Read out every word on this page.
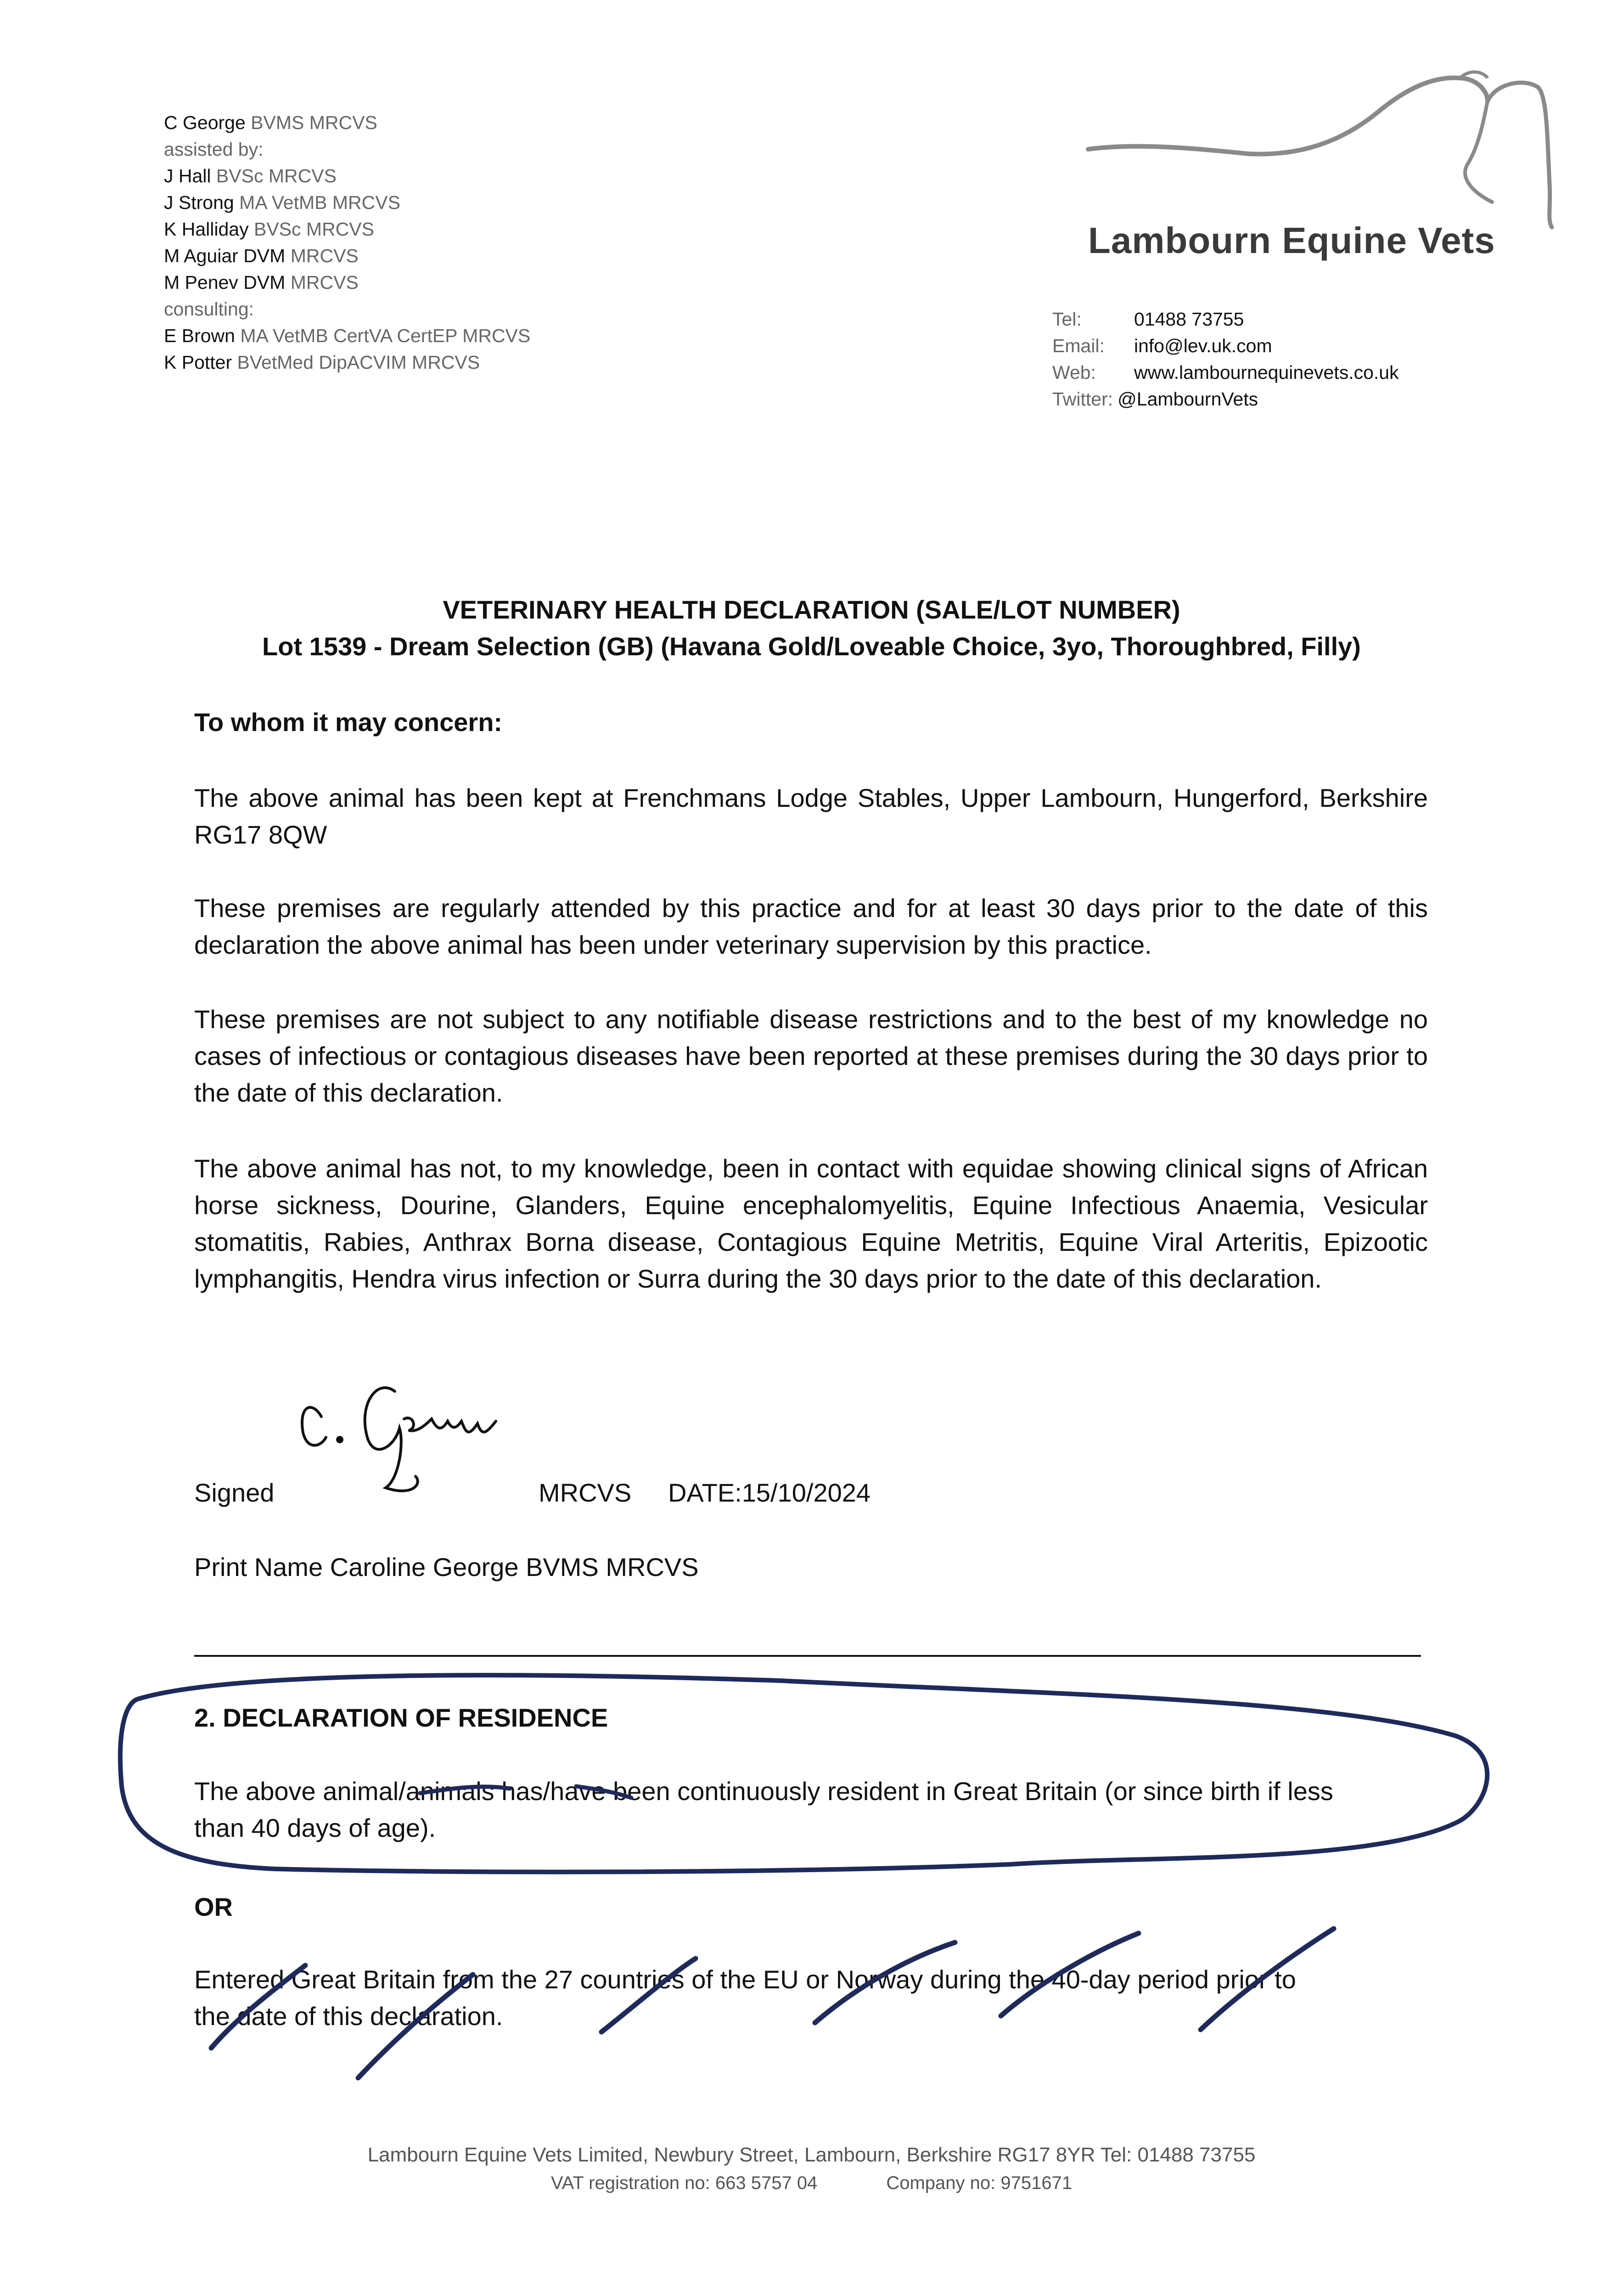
C George BVMS MRCVS
assisted by:
J Hall BVSc MRCVS
J Strong MA VetMB MRCVS
K Halliday BVSc MRCVS
M Aguiar DVM MRCVS
M Penev DVM MRCVS
consulting:
E Brown MA VetMB CertVA CertEP MRCVS
K Potter BVetMed DipACVIM MRCVS
Lambourn Equine Vets
Tel:	01488 73755
Email:	info@lev.uk.com
Web:	www.lambournequinevets.co.uk
Twitter: @LambournVets
VETERINARY HEALTH DECLARATION (SALE/LOT NUMBER)
Lot 1539 - Dream Selection (GB) (Havana Gold/Loveable Choice, 3yo, Thoroughbred, Filly)
To whom it may concern:
The above animal has been kept at Frenchmans Lodge Stables, Upper Lambourn, Hungerford, Berkshire RG17 8QW
These premises are regularly attended by this practice and for at least 30 days prior to the date of this declaration the above animal has been under veterinary supervision by this practice.
These premises are not subject to any notifiable disease restrictions and to the best of my knowledge no cases of infectious or contagious diseases have been reported at these premises during the 30 days prior to the date of this declaration.
The above animal has not, to my knowledge, been in contact with equidae showing clinical signs of African horse sickness, Dourine, Glanders, Equine encephalomyelitis, Equine Infectious Anaemia, Vesicular stomatitis, Rabies, Anthrax Borna disease, Contagious Equine Metritis, Equine Viral Arteritis, Epizootic lymphangitis, Hendra virus infection or Surra during the 30 days prior to the date of this declaration.
Signed	MRCVS DATE:15/10/2024
Print Name Caroline George BVMS MRCVS
2. DECLARATION OF RESIDENCE
The above animal/animals has/have been continuously resident in Great Britain (or since birth if less
than 40 days of age).
OR
Entered Great Britain from the 27 countries of the EU or Norway during the 40-day period prior to
the date of this declaration.
Lambourn Equine Vets Limited, Newbury Street, Lambourn, Berkshire RG17 8YR Tel: 01488 73755
VAT registration no: 663 5757 04	Company no: 9751671
